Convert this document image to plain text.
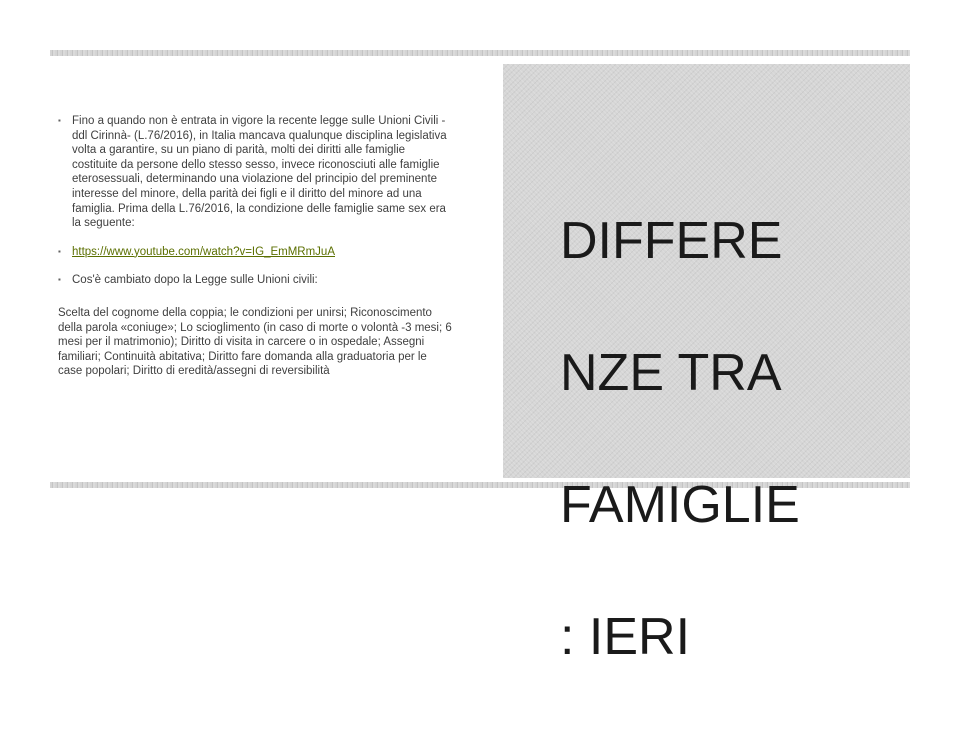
DIFFERE

NZE TRA

FAMIGLIE

: IERI

▪ Fino a quando non è entrata in vigore la recente legge sulle Unioni Civili -ddl Cirinnà- (L.76/2016), in Italia mancava qualunque disciplina legislativa volta a garantire, su un piano di parità, molti dei diritti alle famiglie costituite da persone dello stesso sesso, invece riconosciuti alle famiglie eterosessuali, determinando una violazione del principio del preminente interesse del minore, della parità dei figli e il diritto del minore ad una famiglia. Prima della L.76/2016, la condizione delle famiglie same sex era la seguente:
▪ https://www.youtube.com/watch?v=IG_EmMRmJuA
▪ Cos'è cambiato dopo la Legge sulle Unioni civili:
Scelta del cognome della coppia; le condizioni per unirsi; Riconoscimento della parola «coniuge»; Lo scioglimento (in caso di morte o volontà -3 mesi; 6 mesi per il matrimonio); Diritto di visita in carcere o in ospedale; Assegni familiari; Continuità abitativa; Diritto fare domanda alla graduatoria per le case popolari; Diritto di eredità/assegni di reversibilità
